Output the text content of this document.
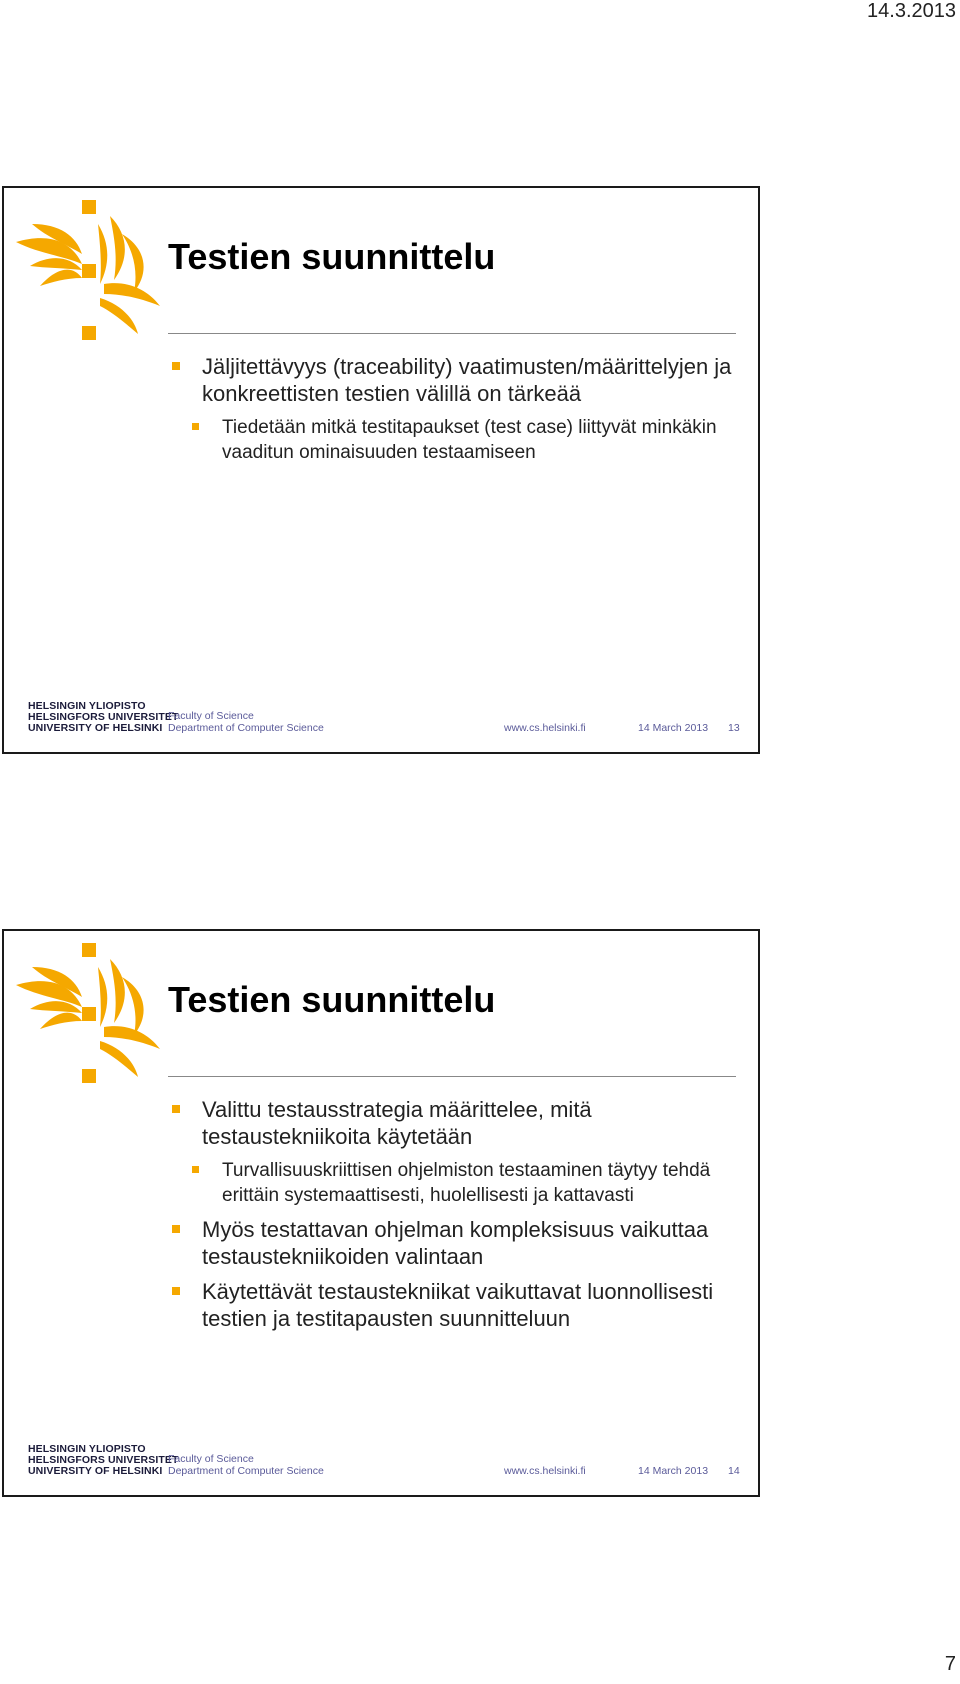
14.3.2013
Testien suunnittelu
Jäljitettävyys (traceability) vaatimusten/määrittelyjen ja konkreettisten testien välillä on tärkeää
Tiedetään mitkä testitapaukset (test case) liittyvät minkäkin vaaditun ominaisuuden testaamiseen
HELSINGIN YLIOPISTO
HELSINGFORS UNIVERSITET
UNIVERSITY OF HELSINKI
Faculty of Science
Department of Computer Science	www.cs.helsinki.fi	14 March 2013 13
Testien suunnittelu
Valittu testausstrategia määrittelee, mitä testaustekniikoita käytetään
Turvallisuuskriittisen ohjelmiston testaaminen täytyy tehdä erittäin systemaattisesti, huolellisesti ja kattavasti
Myös testattavan ohjelman kompleksisuus vaikuttaa testaustekniikoiden valintaan
Käytettävät testaustekniikat vaikuttavat luonnollisesti testien ja testitapausten suunnitteluun
HELSINGIN YLIOPISTO
HELSINGFORS UNIVERSITET
UNIVERSITY OF HELSINKI
Faculty of Science
Department of Computer Science	www.cs.helsinki.fi	14 March 2013 14
7
